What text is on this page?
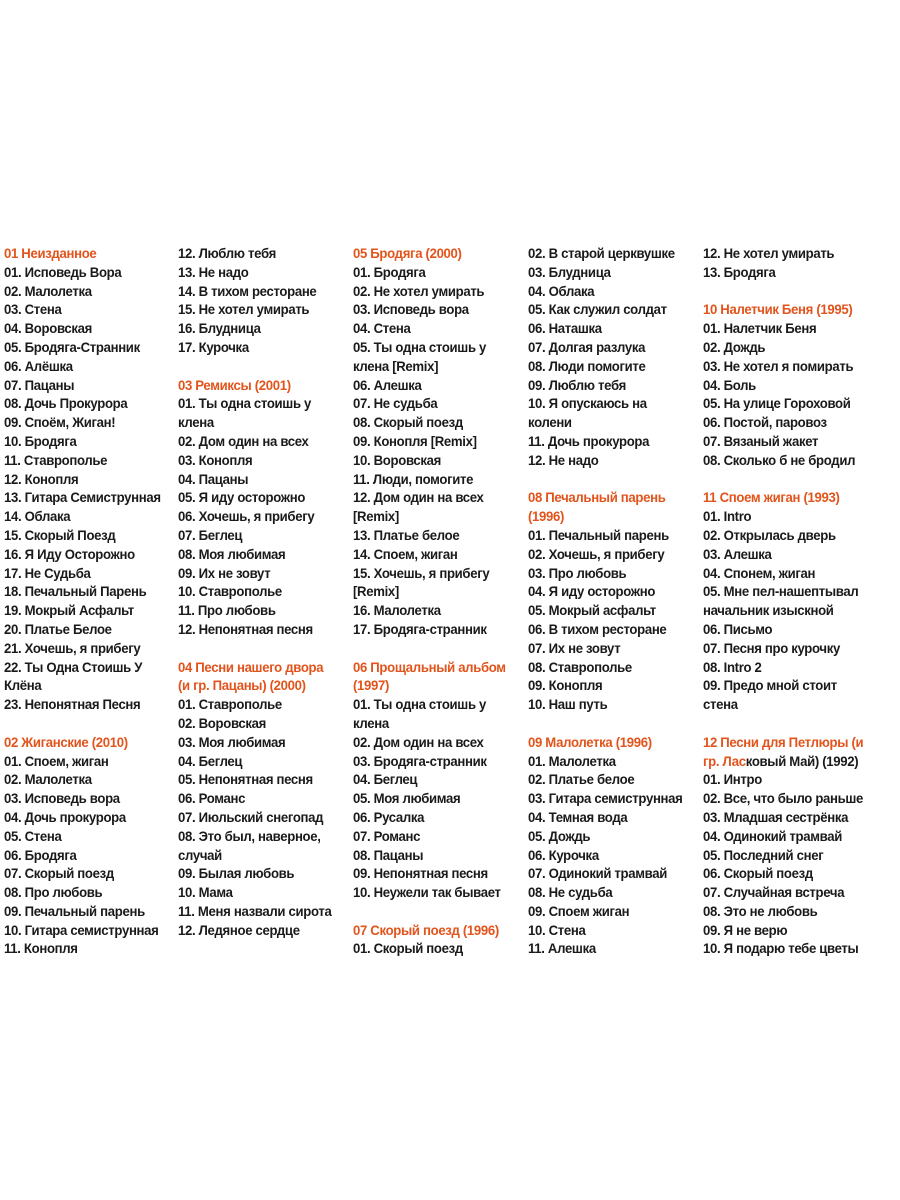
01 Неизданное
01. Исповедь Вора
02. Малолетка
03. Стена
04. Воровская
05. Бродяга-Странник
06. Алёшка
07. Пацаны
08. Дочь Прокурора
09. Споём, Жиган!
10. Бродяга
11. Ставрополье
12. Конопля
13. Гитара Семиструнная
14. Облака
15. Скорый Поезд
16. Я Иду Осторожно
17. Не Судьба
18. Печальный Парень
19. Мокрый Асфальт
20. Платье Белое
21. Хочешь, я прибегу
22. Ты Одна Стоишь У
Клёна
23. Непонятная Песня
02 Жиганские (2010)
01. Споем, жиган
02. Малолетка
03. Исповедь вора
04. Дочь прокурора
05. Стена
06. Бродяга
07. Скорый поезд
08. Про любовь
09. Печальный парень
10. Гитара семиструнная
11. Конопля
12. Люблю тебя
13. Не надо
14. В тихом ресторане
15. Не хотел умирать
16. Блудница
17. Курочка
03 Ремиксы (2001)
01. Ты одна стоишь у
клена
02. Дом один на всех
03. Конопля
04. Пацаны
05. Я иду осторожно
06. Хочешь, я прибегу
07. Беглец
08. Моя любимая
09. Их не зовут
10. Ставрополье
11. Про любовь
12. Непонятная песня
04 Песни нашего двора
(и гр. Пацаны) (2000)
01. Ставрополье
02. Воровская
03. Моя любимая
04. Беглец
05. Непонятная песня
06. Романс
07. Июльский снегопад
08. Это был, наверное,
случай
09. Былая любовь
10. Мама
11. Меня назвали сирота
12. Ледяное сердце
05 Бродяга (2000)
01. Бродяга
02. Не хотел умирать
03. Исповедь вора
04. Стена
05. Ты одна стоишь у
клена [Remix]
06. Алешка
07. Не судьба
08. Скорый поезд
09. Конопля [Remix]
10. Воровская
11. Люди, помогите
12. Дом один на всех
[Remix]
13. Платье белое
14. Споем, жиган
15. Хочешь, я прибегу
[Remix]
16. Малолетка
17. Бродяга-странник
06 Прощальный альбом
(1997)
01. Ты одна стоишь у
клена
02. Дом один на всех
03. Бродяга-странник
04. Беглец
05. Моя любимая
06. Русалка
07. Романс
08. Пацаны
09. Непонятная песня
10. Неужели так бывает
07 Скорый поезд (1996)
01. Скорый поезд
02. В старой церквушке
03. Блудница
04. Облака
05. Как служил солдат
06. Наташка
07. Долгая разлука
08. Люди помогите
09. Люблю тебя
10. Я опускаюсь на
колени
11. Дочь прокурора
12. Не надо
08 Печальный парень
(1996)
01. Печальный парень
02. Хочешь, я прибегу
03. Про любовь
04. Я иду осторожно
05. Мокрый асфальт
06. В тихом ресторане
07. Их не зовут
08. Ставрополье
09. Конопля
10. Наш путь
09 Малолетка (1996)
01. Малолетка
02. Платье белое
03. Гитара семиструнная
04. Темная вода
05. Дождь
06. Курочка
07. Одинокий трамвай
08. Не судьба
09. Споем жиган
10. Стена
11. Алешка
12. Не хотел умирать
13. Бродяга
10 Налетчик Беня (1995)
01. Налетчик Беня
02. Дождь
03. Не хотел я помирать
04. Боль
05. На улице Гороховой
06. Постой, паровоз
07. Вязаный жакет
08. Сколько б не бродил
11 Споем жиган (1993)
01. Intro
02. Открылась дверь
03. Алешка
04. Спонем, жиган
05. Мне пел-нашептывал
начальник изыскной
06. Письмо
07. Песня про курочку
08. Intro 2
09. Предо мной стоит
стена
12 Песни для Петлюры (и
гр. Ласковый Май) (1992)
01. Интро
02. Все, что было раньше
03. Младшая сестрёнка
04. Одинокий трамвай
05. Последний снег
06. Скорый поезд
07. Случайная встреча
08. Это не любовь
09. Я не верю
10. Я подарю тебе цветы
